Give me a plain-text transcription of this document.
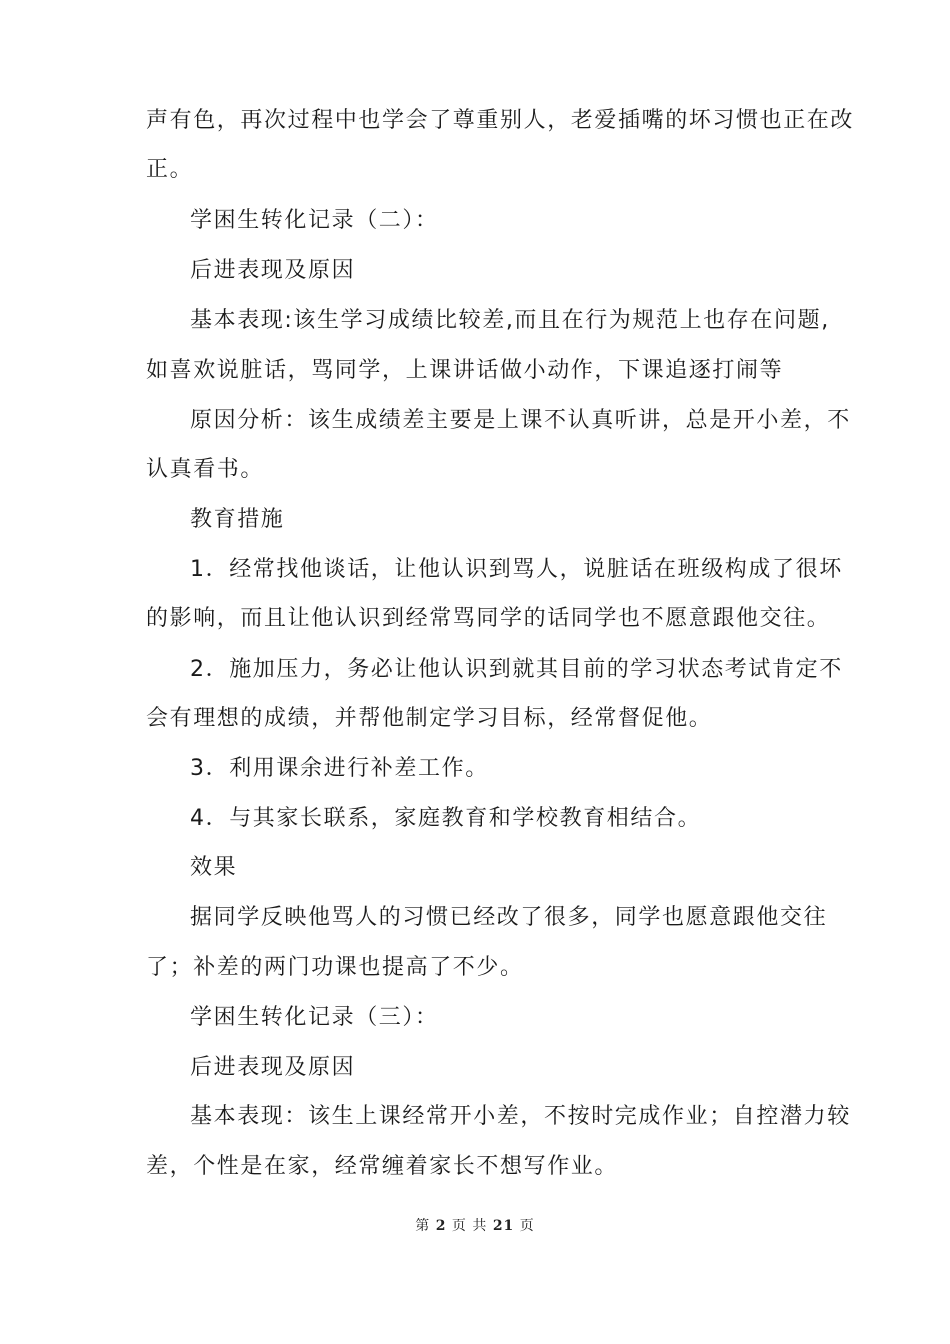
声有色，再次过程中也学会了尊重别人，老爱插嘴的坏习惯也正在改
正。
学困生转化记录（二）：
后进表现及原因
基本表现:该生学习成绩比较差,而且在行为规范上也存在问题,
如喜欢说脏话，骂同学，上课讲话做小动作，下课追逐打闹等
原因分析：该生成绩差主要是上课不认真听讲，总是开小差，不
认真看书。
教育措施
1．经常找他谈话，让他认识到骂人，说脏话在班级构成了很坏
的影响，而且让他认识到经常骂同学的话同学也不愿意跟他交往。
2．施加压力，务必让他认识到就其目前的学习状态考试肯定不
会有理想的成绩，并帮他制定学习目标，经常督促他。
3．利用课余进行补差工作。
4．与其家长联系，家庭教育和学校教育相结合。
效果
据同学反映他骂人的习惯已经改了很多，同学也愿意跟他交往
了；补差的两门功课也提高了不少。
学困生转化记录（三）：
后进表现及原因
基本表现：该生上课经常开小差，不按时完成作业；自控潜力较
差，个性是在家，经常缠着家长不想写作业。
第 2 页 共 21 页
